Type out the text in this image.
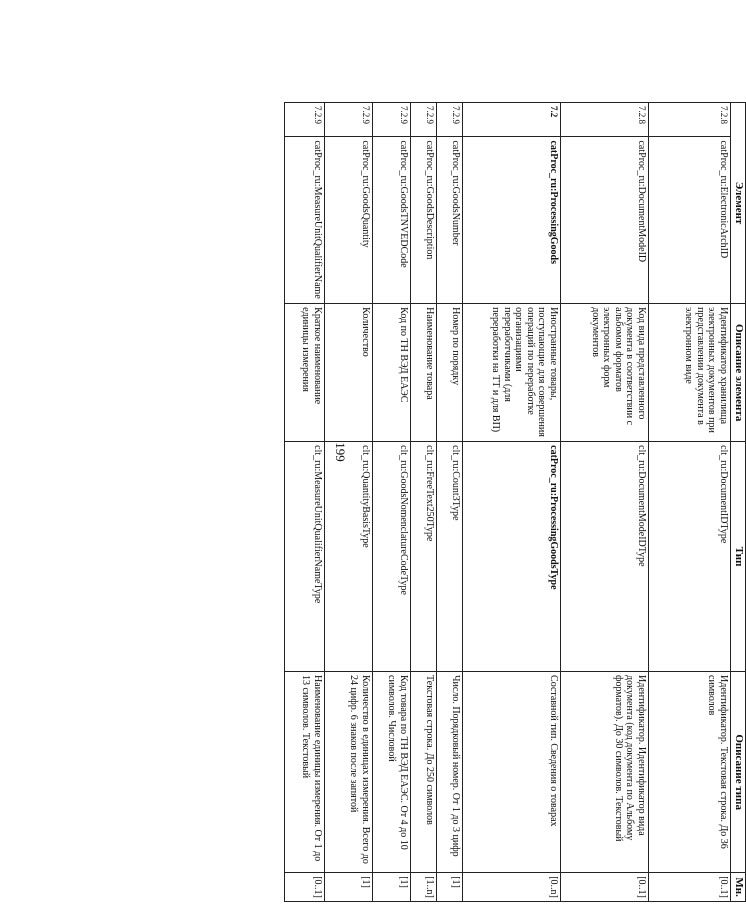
199
Элемент		Описание элемента	Тип	Описание типа	Мн.
7.2.8	catProc_ru:ElectronicArchID	Идентификатор хранилища электронных документов при представлении документа в электронном виде	clt_ru:DocumentIDType	Идентификатор. Текстовая строка. До 36 символов	[0..1]
7.2.8	catProc_ru:DocumentModeID	Код вида представленного документа в соответствии с альбомом форматов электронных форм документов	clt_ru:DocumentModeIDType	Идентификатор. Идентификатор вида документа (код документа по Альбому форматов). До 30 символов. Текстовый	[0..1]
7.2	catProc_ru:ProcessingGoods	Иностранные товары, поступающие для совершения операций по переработке организациями переработчиками (для переработки на ТТ и для ВП)	catProc_ru:ProcessingGoodsType	Составной тип. Сведения о товарах	[0..n]
7.2.9	catProc_ru:GoodsNumber	Номер по порядку	clt_ru:Count3Type	Число. Порядковый номер. От 1 до 3 цифр	[1]
7.2.9	catProc_ru:GoodsDescription	Наименование товара	clt_ru:FreeText250Type	Текстовая строка. До 250 символов	[1..n]
7.2.9	catProc_ru:GoodsTNVEDCode	Код по ТН ВЭД ЕАЭС	clt_ru:GoodsNomenclatureCodeType	Код товара по ТН ВЭД ЕАЭС. От 4 до 10 символов. Числовой	[1]
7.2.9	catProc_ru:GoodsQuantity	Количество	clt_ru:QuantityBasisType	Количество в единицах измерения. Всего до 24 цифр. 6 знаков после запятой	[1]
7.2.9	catProc_ru:MeasureUnitQualifierName	Краткое наименование единицы измерения	clt_ru:MeasureUnitQualifierNameType	Наименование единицы измерения. От 1 до 13 символов. Текстовый	[0..1]
